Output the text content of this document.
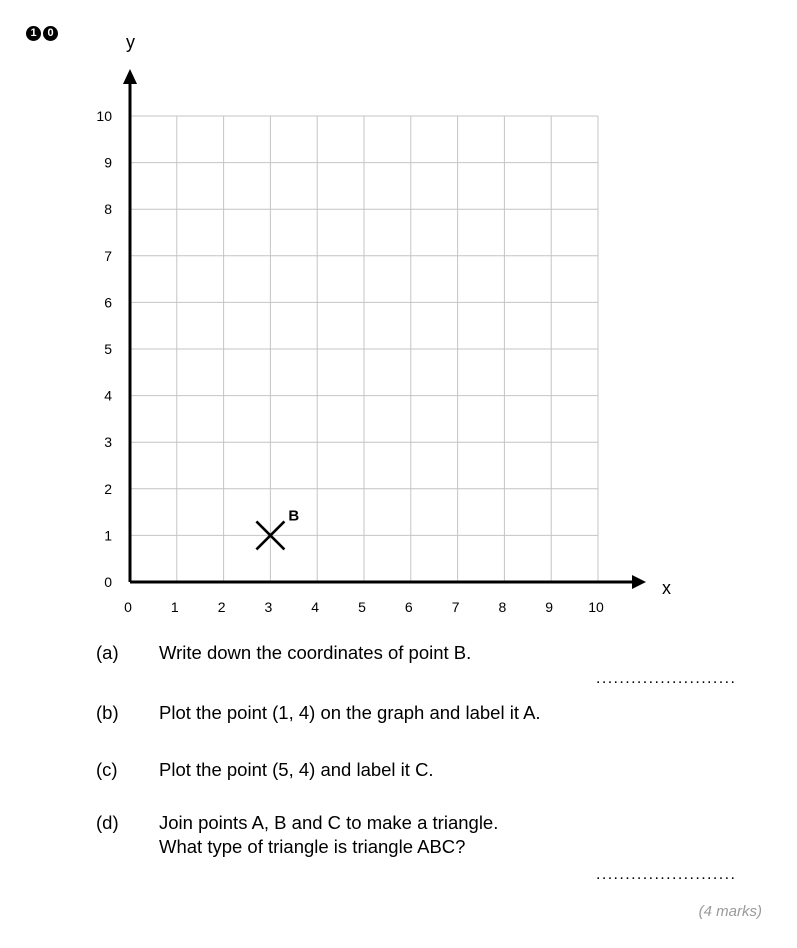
1 0
0	1	2	3	4	5	6	7	8	9	10
0
1
2
3
4
5
6
7
8
9
10
x
y
B
(a) Write down the coordinates of point B.
........................
(b) Plot the point (1, 4) on the graph and label it A.
(c) Plot the point (5, 4) and label it C.
(d) Join points A, B and C to make a triangle.
What type of triangle is triangle ABC?
........................
(4 marks)
